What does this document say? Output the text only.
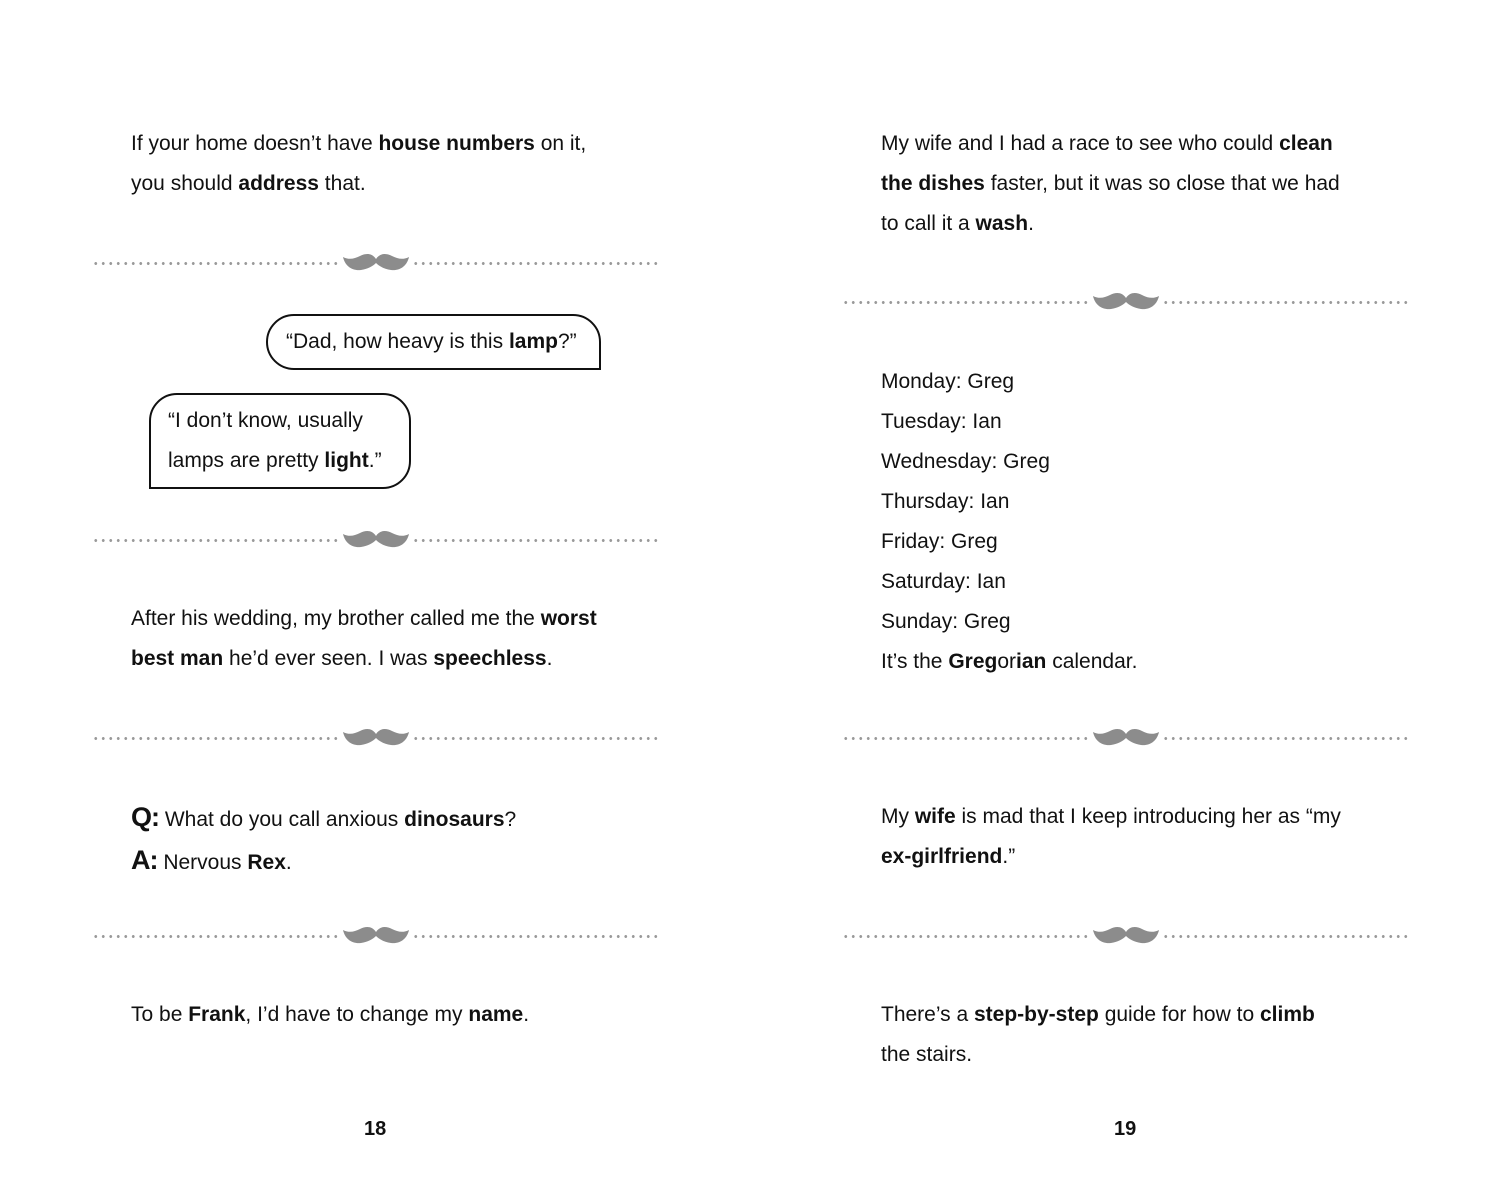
If your home doesn’t have house numbers on it,
you should address that.
“Dad, how heavy is this lamp?”
“I don’t know, usually
lamps are pretty light.”
After his wedding, my brother called me the worst
best man he’d ever seen. I was speechless.
Q: What do you call anxious dinosaurs?
A: Nervous Rex.
To be Frank, I’d have to change my name.
18
My wife and I had a race to see who could clean
the dishes faster, but it was so close that we had
to call it a wash.
Monday: Greg
Tuesday: Ian
Wednesday: Greg
Thursday: Ian
Friday: Greg
Saturday: Ian
Sunday: Greg
It’s the Gregorian calendar.
My wife is mad that I keep introducing her as “my
ex-girlfriend.”
There’s a step-by-step guide for how to climb
the stairs.
19
